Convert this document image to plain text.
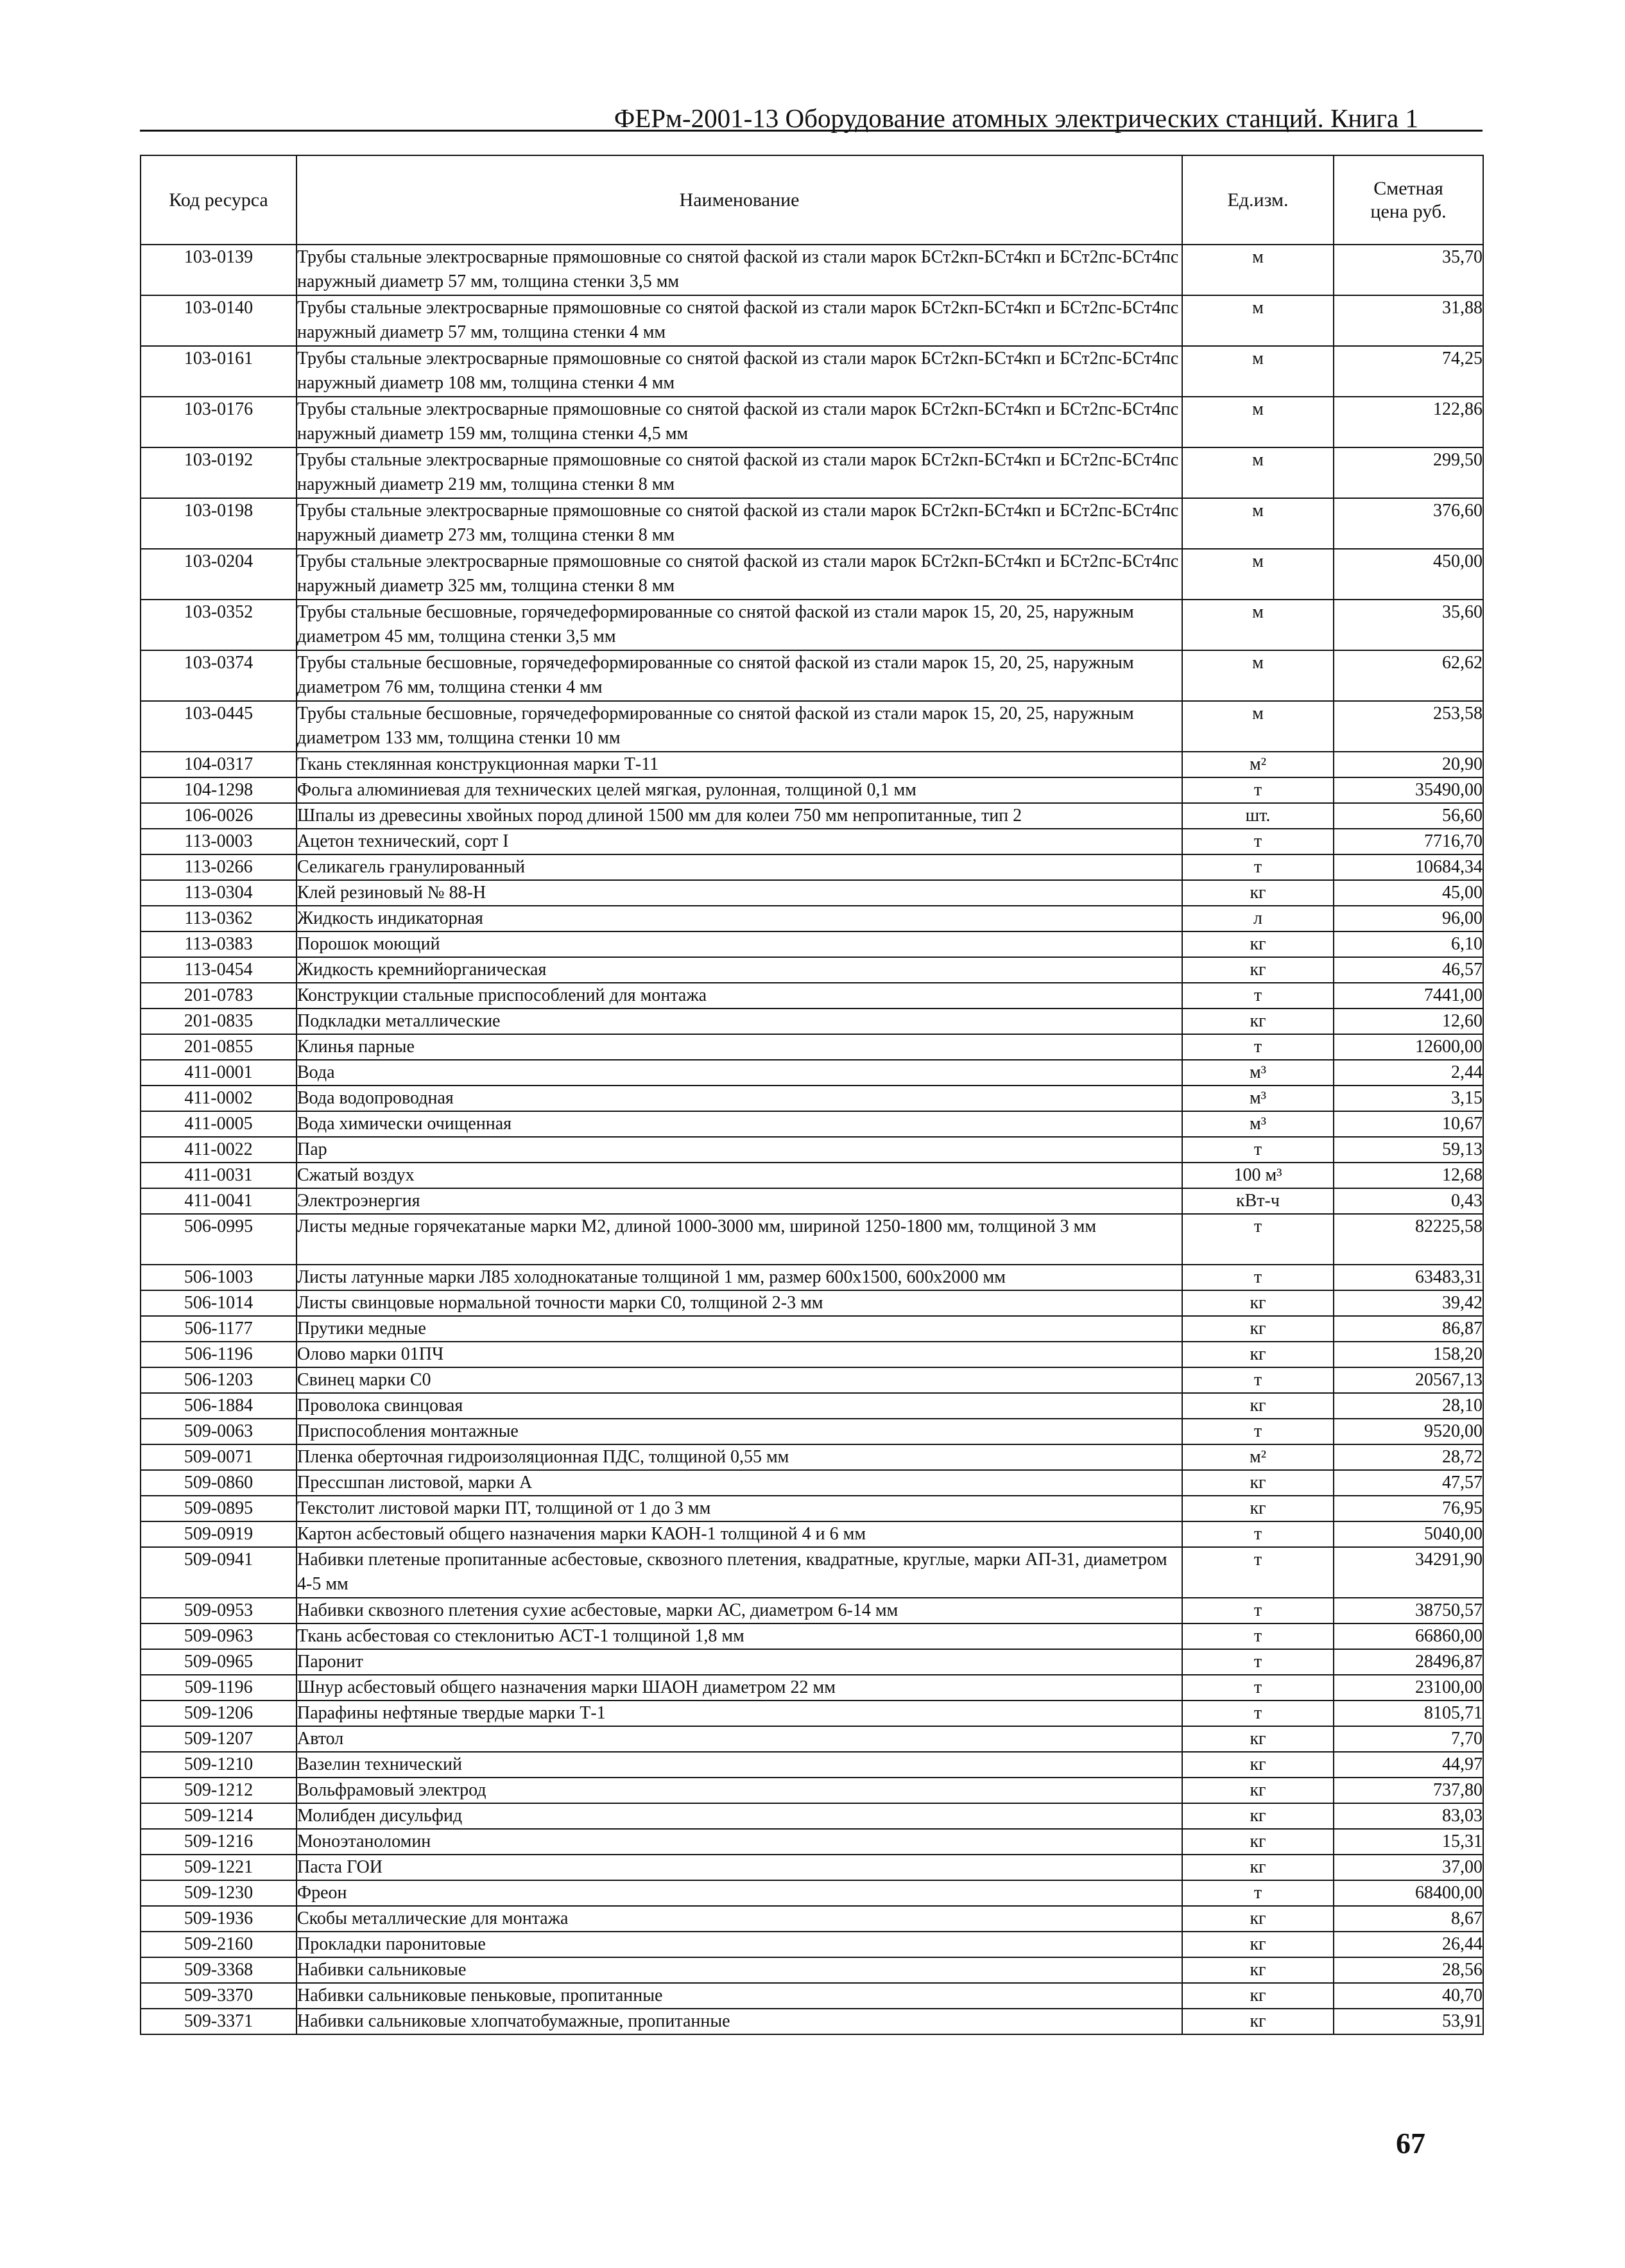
ФЕРм-2001-13 Оборудование атомных электрических станций. Книга 1
Код ресурса	Наименование	Ед.изм.	Сметная цена руб.
103-0139	Трубы стальные электросварные прямошовные со снятой фаской из стали марок БСт2кп-БСт4кп и БСт2пс-БСт4пс наружный диаметр 57 мм, толщина стенки 3,5 мм	м	35,70
103-0140	Трубы стальные электросварные прямошовные со снятой фаской из стали марок БСт2кп-БСт4кп и БСт2пс-БСт4пс наружный диаметр 57 мм, толщина стенки 4 мм	м	31,88
103-0161	Трубы стальные электросварные прямошовные со снятой фаской из стали марок БСт2кп-БСт4кп и БСт2пс-БСт4пс наружный диаметр 108 мм, толщина стенки 4 мм	м	74,25
103-0176	Трубы стальные электросварные прямошовные со снятой фаской из стали марок БСт2кп-БСт4кп и БСт2пс-БСт4пс наружный диаметр 159 мм, толщина стенки 4,5 мм	м	122,86
103-0192	Трубы стальные электросварные прямошовные со снятой фаской из стали марок БСт2кп-БСт4кп и БСт2пс-БСт4пс наружный диаметр 219 мм, толщина стенки 8 мм	м	299,50
103-0198	Трубы стальные электросварные прямошовные со снятой фаской из стали марок БСт2кп-БСт4кп и БСт2пс-БСт4пс наружный диаметр 273 мм, толщина стенки 8 мм	м	376,60
103-0204	Трубы стальные электросварные прямошовные со снятой фаской из стали марок БСт2кп-БСт4кп и БСт2пс-БСт4пс наружный диаметр 325 мм, толщина стенки 8 мм	м	450,00
103-0352	Трубы стальные бесшовные, горячедеформированные со снятой фаской из стали марок 15, 20, 25, наружным диаметром 45 мм, толщина стенки 3,5 мм	м	35,60
103-0374	Трубы стальные бесшовные, горячедеформированные со снятой фаской из стали марок 15, 20, 25, наружным диаметром 76 мм, толщина стенки 4 мм	м	62,62
103-0445	Трубы стальные бесшовные, горячедеформированные со снятой фаской из стали марок 15, 20, 25, наружным диаметром 133 мм, толщина стенки 10 мм	м	253,58
104-0317	Ткань стеклянная конструкционная марки Т-11	м²	20,90
104-1298	Фольга алюминиевая для технических целей мягкая, рулонная, толщиной 0,1 мм	т	35490,00
106-0026	Шпалы из древесины хвойных пород длиной 1500 мм для колеи 750 мм непропитанные, тип 2	шт.	56,60
113-0003	Ацетон технический, сорт I	т	7716,70
113-0266	Селикагель гранулированный	т	10684,34
113-0304	Клей резиновый № 88-Н	кг	45,00
113-0362	Жидкость индикаторная	л	96,00
113-0383	Порошок моющий	кг	6,10
113-0454	Жидкость кремнийорганическая	кг	46,57
201-0783	Конструкции стальные приспособлений для монтажа	т	7441,00
201-0835	Подкладки металлические	кг	12,60
201-0855	Клинья парные	т	12600,00
411-0001	Вода	м³	2,44
411-0002	Вода водопроводная	м³	3,15
411-0005	Вода химически очищенная	м³	10,67
411-0022	Пар	т	59,13
411-0031	Сжатый воздух	100 м³	12,68
411-0041	Электроэнергия	кВт-ч	0,43
506-0995	Листы медные горячекатаные марки М2, длиной 1000-3000 мм, шириной 1250-1800 мм, толщиной 3 мм	т	82225,58
506-1003	Листы латунные марки Л85 холоднокатаные толщиной 1 мм, размер 600х1500, 600х2000 мм	т	63483,31
506-1014	Листы свинцовые нормальной точности марки С0, толщиной 2-3 мм	кг	39,42
506-1177	Прутики медные	кг	86,87
506-1196	Олово марки 01ПЧ	кг	158,20
506-1203	Свинец марки С0	т	20567,13
506-1884	Проволока свинцовая	кг	28,10
509-0063	Приспособления монтажные	т	9520,00
509-0071	Пленка оберточная гидроизоляционная ПДС, толщиной 0,55 мм	м²	28,72
509-0860	Прессшпан листовой, марки А	кг	47,57
509-0895	Текстолит листовой марки ПТ, толщиной от 1 до 3 мм	кг	76,95
509-0919	Картон асбестовый общего назначения марки КАОН-1 толщиной 4 и 6 мм	т	5040,00
509-0941	Набивки плетеные пропитанные асбестовые, сквозного плетения, квадратные, круглые, марки АП-31, диаметром 4-5 мм	т	34291,90
509-0953	Набивки сквозного плетения сухие асбестовые, марки АС, диаметром 6-14 мм	т	38750,57
509-0963	Ткань асбестовая со стеклонитью АСТ-1 толщиной 1,8 мм	т	66860,00
509-0965	Паронит	т	28496,87
509-1196	Шнур асбестовый общего назначения марки ШАОН диаметром 22 мм	т	23100,00
509-1206	Парафины нефтяные твердые марки Т-1	т	8105,71
509-1207	Автол	кг	7,70
509-1210	Вазелин технический	кг	44,97
509-1212	Вольфрамовый электрод	кг	737,80
509-1214	Молибден дисульфид	кг	83,03
509-1216	Моноэтаноломин	кг	15,31
509-1221	Паста ГОИ	кг	37,00
509-1230	Фреон	т	68400,00
509-1936	Скобы металлические для монтажа	кг	8,67
509-2160	Прокладки паронитовые	кг	26,44
509-3368	Набивки сальниковые	кг	28,56
509-3370	Набивки сальниковые пеньковые, пропитанные	кг	40,70
509-3371	Набивки сальниковые хлопчатобумажные, пропитанные	кг	53,91
67
